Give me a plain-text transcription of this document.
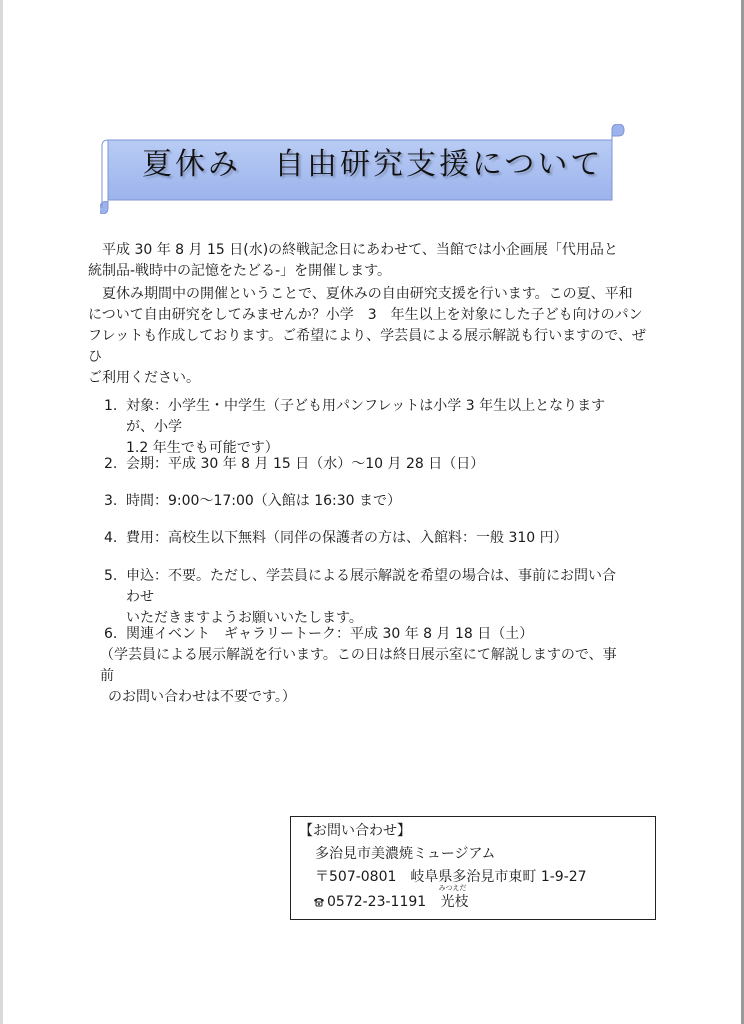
夏休み　自由研究支援について
平成 30 年 8 月 15 日(水)の終戦記念日にあわせて、当館では小企画展「代用品と
統制品-戦時中の記憶をたどる-」を開催します。
夏休み期間中の開催ということで、夏休みの自由研究支援を行います。この夏、平和
について自由研究をしてみませんか？小学　3　年生以上を対象にした子ども向けのパン
フレットも作成しております。ご希望により、学芸員による展示解説も行いますので、ぜひ
ご利用ください。
1. 対象：小学生・中学生（子ども用パンフレットは小学 3 年生以上となりますが、小学
1.2 年生でも可能です）
2. 会期：平成 30 年 8 月 15 日（水）～10 月 28 日（日）
3. 時間：9:00～17:00（入館は 16:30 まで）
4. 費用：高校生以下無料（同伴の保護者の方は、入館料：一般 310 円）
5. 申込：不要。ただし、学芸員による展示解説を希望の場合は、事前にお問い合わせ
いただきますようお願いいたします。
6. 関連イベント　ギャラリートーク：平成 30 年 8 月 18 日（土）
（学芸員による展示解説を行います。この日は終日展示室にて解説しますので、事前
のお問い合わせは不要です。）
【お問い合わせ】
多治見市美濃焼ミュージアム
〒507-0801　岐阜県多治見市東町 1-9-27
0572-23-1191
みつえだ
光枝
